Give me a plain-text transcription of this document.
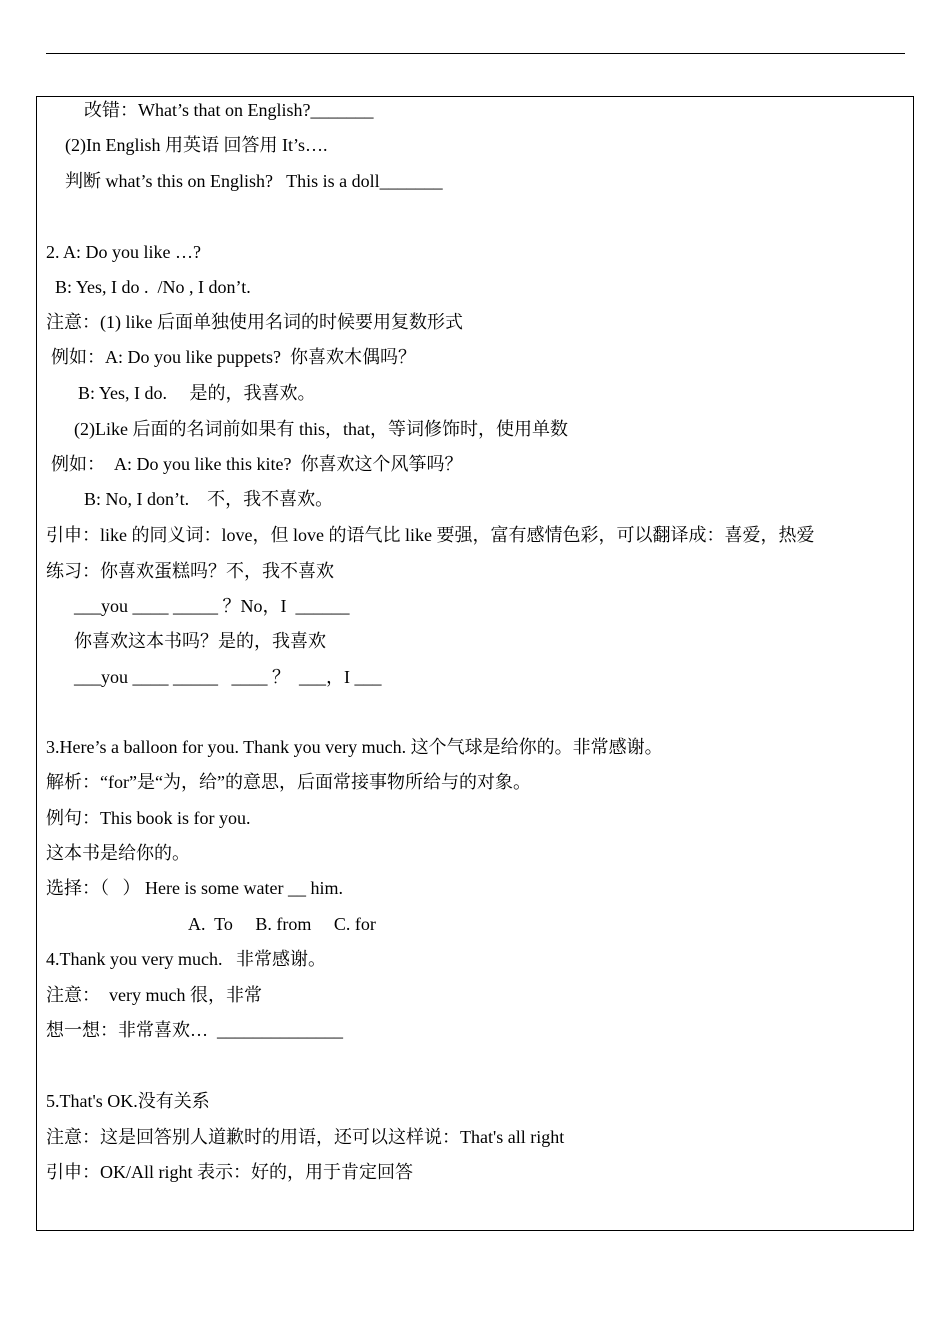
改错：What’s that on English?_______
(2)In English 用英语 回答用 It’s….
判断 what’s this on English?   This is a doll_______
2. A: Do you like …?
B: Yes, I do .  /No , I don’t.
注意：(1) like 后面单独使用名词的时候要用复数形式
例如：A: Do you like puppets?  你喜欢木偶吗？
B: Yes, I do.     是的，我喜欢。
(2)Like 后面的名词前如果有 this，that，等词修饰时，使用单数
例如：  A: Do you like this kite?  你喜欢这个风筝吗？
B: No, I don’t.    不，我不喜欢。
引申：like 的同义词：love，但 love 的语气比 like 要强，富有感情色彩，可以翻译成：喜爱，热爱
练习：你喜欢蛋糕吗？不，我不喜欢
___you ____ _____ ？No，I  ______
你喜欢这本书吗？是的，我喜欢
___you ____ _____   ____ ？  ___，I ___
3.Here’s a balloon for you. Thank you very much. 这个气球是给你的。非常感谢。
解析：“for”是“为，给”的意思，后面常接事物所给与的对象。
例句：This book is for you.
这本书是给你的。
选择：（   ） Here is some water __ him.
A.  To     B. from     C. for
4.Thank you very much.   非常感谢。
注意：  very much 很，非常
想一想：非常喜欢…  ______________
5.That's OK.没有关系
注意：这是回答别人道歉时的用语，还可以这样说：That's all right
引申：OK/All right 表示：好的，用于肯定回答
